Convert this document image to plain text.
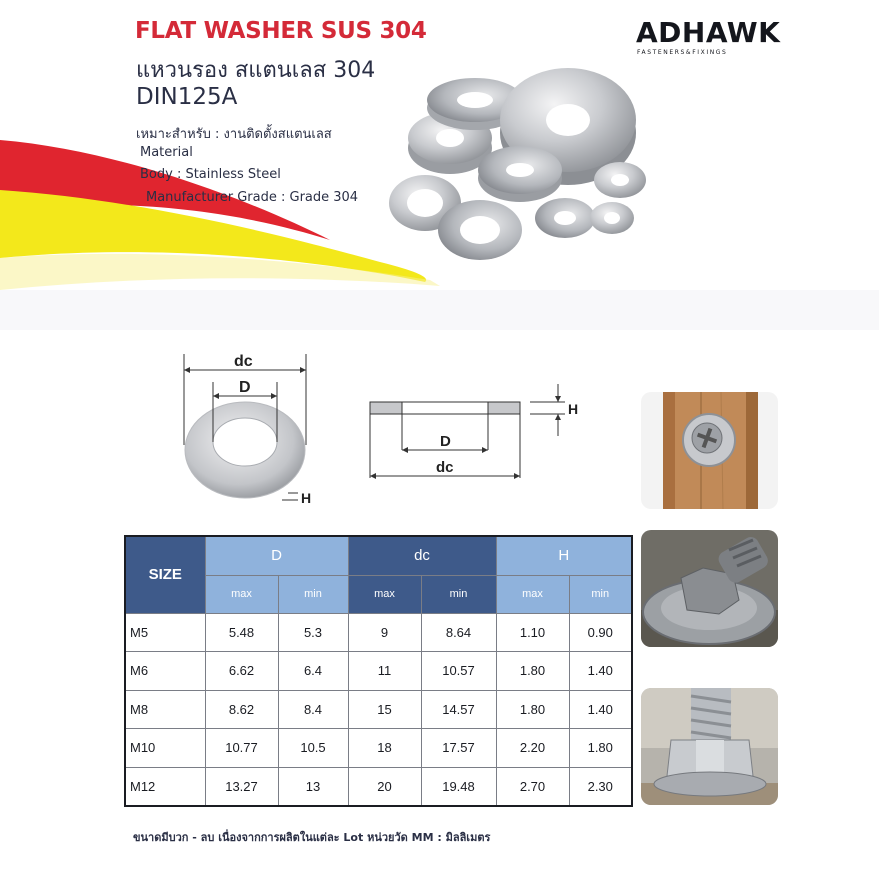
FLAT WASHER SUS 304
แหวนรอง สแตนเลส 304
DIN125A
เหมาะสำหรับ : งานติดตั้งสแตนเลส
Material
Body : Stainless Steel
Manufacturer Grade : Grade 304
ADHAWK
FASTENERS&FIXINGS
dc
D
H
D
dc
H
SIZE	D		dc		H	
	max	min	max	min	max	min
M5	5.48	5.3	9	8.64	1.10	0.90
M6	6.62	6.4	11	10.57	1.80	1.40
M8	8.62	8.4	15	14.57	1.80	1.40
M10	10.77	10.5	18	17.57	2.20	1.80
M12	13.27	13	20	19.48	2.70	2.30
ขนาดมีบวก - ลบ เนื่องจากการผลิตในแต่ละ Lot หน่วยวัด MM : มิลลิเมตร
